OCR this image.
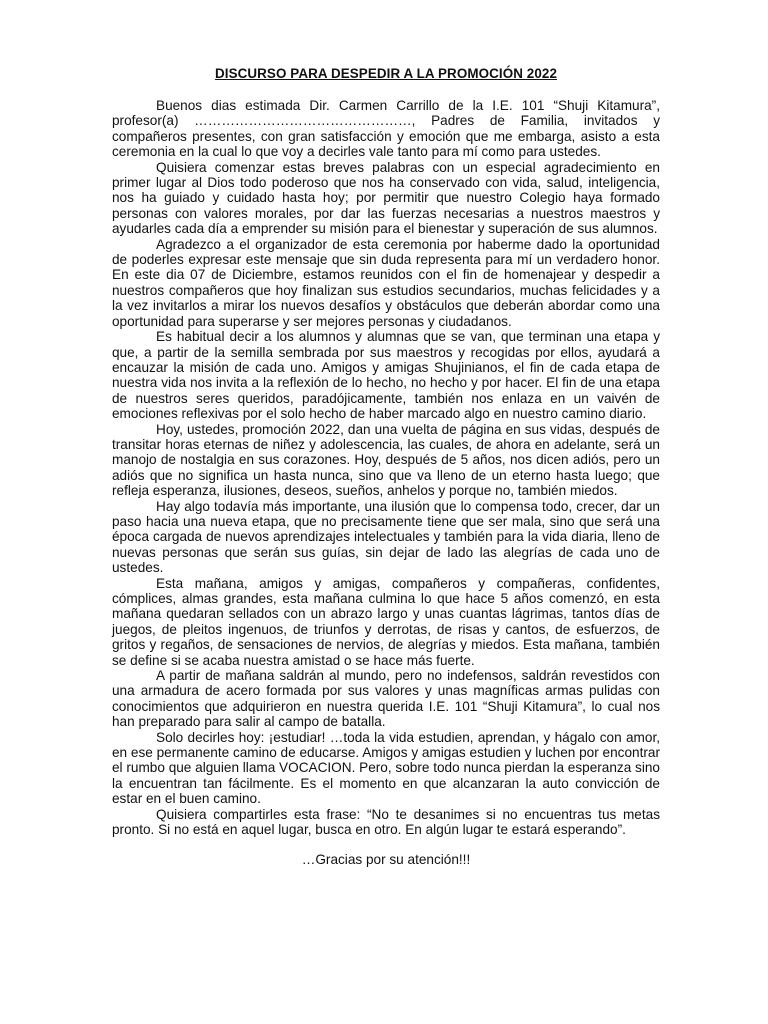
DISCURSO PARA DESPEDIR A LA PROMOCIÓN 2022

Buenos dias estimada Dir. Carmen Carrillo de la I.E. 101 “Shuji Kitamura”, profesor(a) …………………………………………, Padres de Familia, invitados y compañeros presentes, con gran satisfacción y emoción que me embarga, asisto a esta ceremonia en la cual lo que voy a decirles vale tanto para mí como para ustedes.

Quisiera comenzar estas breves palabras con un especial agradecimiento en primer lugar al Dios todo poderoso que nos ha conservado con vida, salud, inteligencia, nos ha guiado y cuidado hasta hoy; por permitir que nuestro Colegio haya formado personas con valores morales, por dar las fuerzas necesarias a nuestros maestros y ayudarles cada día a emprender su misión para el bienestar y superación de sus alumnos.

Agradezco a el organizador de esta ceremonia por haberme dado la oportunidad de poderles expresar este mensaje que sin duda representa para mí un verdadero honor. En este dia 07 de Diciembre, estamos reunidos con el fin de homenajear y despedir a nuestros compañeros que hoy finalizan sus estudios secundarios, muchas felicidades y a la vez invitarlos a mirar los nuevos desafíos y obstáculos que deberán abordar como una oportunidad para superarse y ser mejores personas y ciudadanos.

Es habitual decir a los alumnos y alumnas que se van, que terminan una etapa y que, a partir de la semilla sembrada por sus maestros y recogidas por ellos, ayudará a encauzar la misión de cada uno. Amigos y amigas Shujinianos, el fin de cada etapa de nuestra vida nos invita a la reflexión de lo hecho, no hecho y por hacer. El fin de una etapa de nuestros seres queridos, paradójicamente, también nos enlaza en un vaivén de emociones reflexivas por el solo hecho de haber marcado algo en nuestro camino diario.

Hoy, ustedes, promoción 2022, dan una vuelta de página en sus vidas, después de transitar horas eternas de niñez y adolescencia, las cuales, de ahora en adelante, será un manojo de nostalgia en sus corazones. Hoy, después de 5 años, nos dicen adiós, pero un adiós que no significa un hasta nunca, sino que va lleno de un eterno hasta luego; que refleja esperanza, ilusiones, deseos, sueños, anhelos y porque no, también miedos.

Hay algo todavía más importante, una ilusión que lo compensa todo, crecer, dar un paso hacia una nueva etapa, que no precisamente tiene que ser mala, sino que será una época cargada de nuevos aprendizajes intelectuales y también para la vida diaria, lleno de nuevas personas que serán sus guías, sin dejar de lado las alegrías de cada uno de ustedes.

Esta mañana, amigos y amigas, compañeros y compañeras, confidentes, cómplices, almas grandes, esta mañana culmina lo que hace 5 años comenzó, en esta mañana quedaran sellados con un abrazo largo y unas cuantas lágrimas, tantos días de juegos, de pleitos ingenuos, de triunfos y derrotas, de risas y cantos, de esfuerzos, de gritos y regaños, de sensaciones de nervios, de alegrías y miedos. Esta mañana, también se define si se acaba nuestra amistad o se hace más fuerte.

A partir de mañana saldrán al mundo, pero no indefensos, saldrán revestidos con una armadura de acero formada por sus valores y unas magníficas armas pulidas con conocimientos que adquirieron en nuestra querida I.E. 101 “Shuji Kitamura”, lo cual nos han preparado para salir al campo de batalla.

Solo decirles hoy: ¡estudiar! …toda la vida estudien, aprendan, y hágalo con amor, en ese permanente camino de educarse. Amigos y amigas estudien y luchen por encontrar el rumbo que alguien llama VOCACION. Pero, sobre todo nunca pierdan la esperanza sino la encuentran tan fácilmente. Es el momento en que alcanzaran la auto convicción de estar en el buen camino.

Quisiera compartirles esta frase: “No te desanimes si no encuentras tus metas pronto. Si no está en aquel lugar, busca en otro. En algún lugar te estará esperando”.

…Gracias por su atención!!!
